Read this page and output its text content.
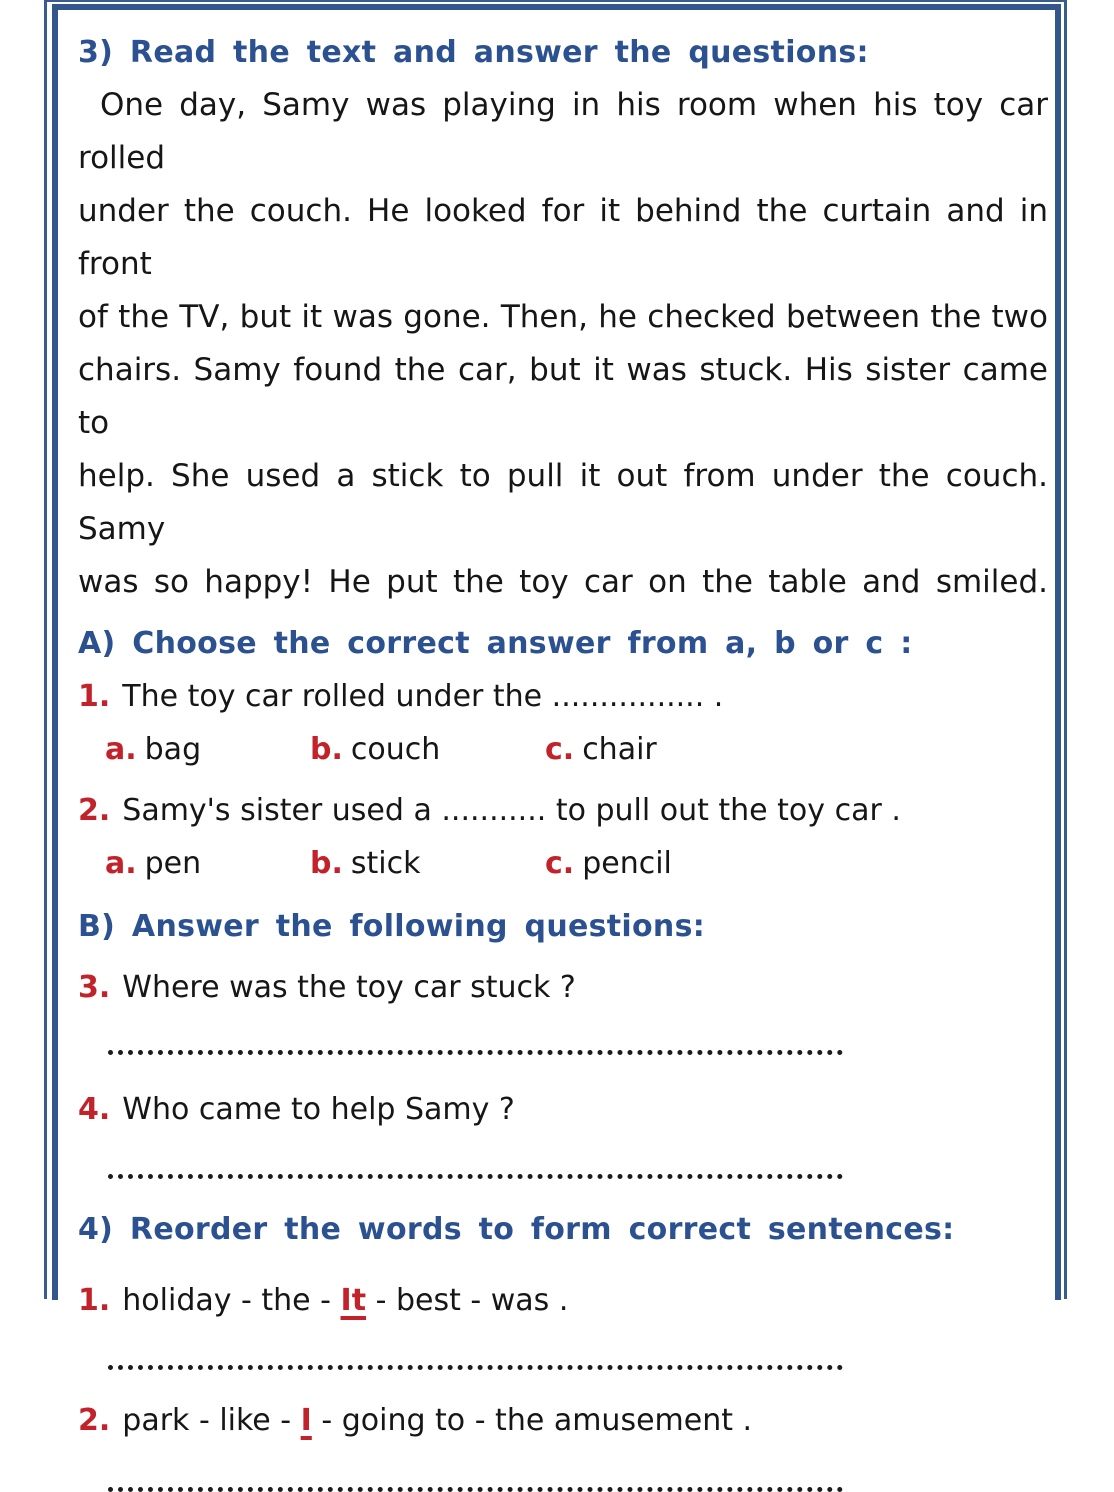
3) Read the text and answer the questions:
One day, Samy was playing in his room when his toy car rolled
under the couch. He looked for it behind the curtain and in front
of the TV, but it was gone. Then, he checked between the two
chairs. Samy found the car, but it was stuck. His sister came to
help. She used a stick to pull it out from under the couch. Samy
was so happy! He put the toy car on the table and smiled.
A) Choose the correct answer from a, b or c :
1. The toy car rolled under the ................ .
a. bag	b. couch	c. chair
2. Samy's sister used a ........... to pull out the toy car .
a. pen	b. stick	c. pencil
B) Answer the following questions:
3. Where was the toy car stuck ?
4. Who came to help Samy ?
4) Reorder the words to form correct sentences:
1. holiday - the - It - best - was .
2. park - like - I - going to - the amusement .
